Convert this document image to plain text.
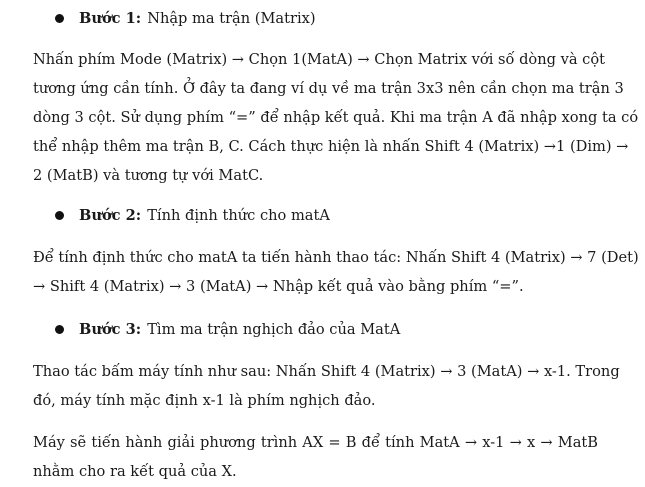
Bước 1: Nhập ma trận (Matrix)
Nhấn phím Mode (Matrix) → Chọn 1(MatA) → Chọn Matrix với số dòng và cột
tương ứng cần tính. Ở đây ta đang ví dụ về ma trận 3x3 nên cần chọn ma trận 3
dòng 3 cột. Sử dụng phím “=” để nhập kết quả. Khi ma trận A đã nhập xong ta có
thể nhập thêm ma trận B, C. Cách thực hiện là nhấn Shift 4 (Matrix) →1 (Dim) →
2 (MatB) và tương tự với MatC.
Bước 2: Tính định thức cho matA
Để tính định thức cho matA ta tiến hành thao tác: Nhấn Shift 4 (Matrix) → 7 (Det)
→ Shift 4 (Matrix) → 3 (MatA) → Nhập kết quả vào bằng phím “=”.
Bước 3: Tìm ma trận nghịch đảo của MatA
Thao tác bấm máy tính như sau: Nhấn Shift 4 (Matrix) → 3 (MatA) → x-1. Trong
đó, máy tính mặc định x-1 là phím nghịch đảo.
Máy sẽ tiến hành giải phương trình AX = B để tính MatA → x-1 → x → MatB
nhằm cho ra kết quả của X.
